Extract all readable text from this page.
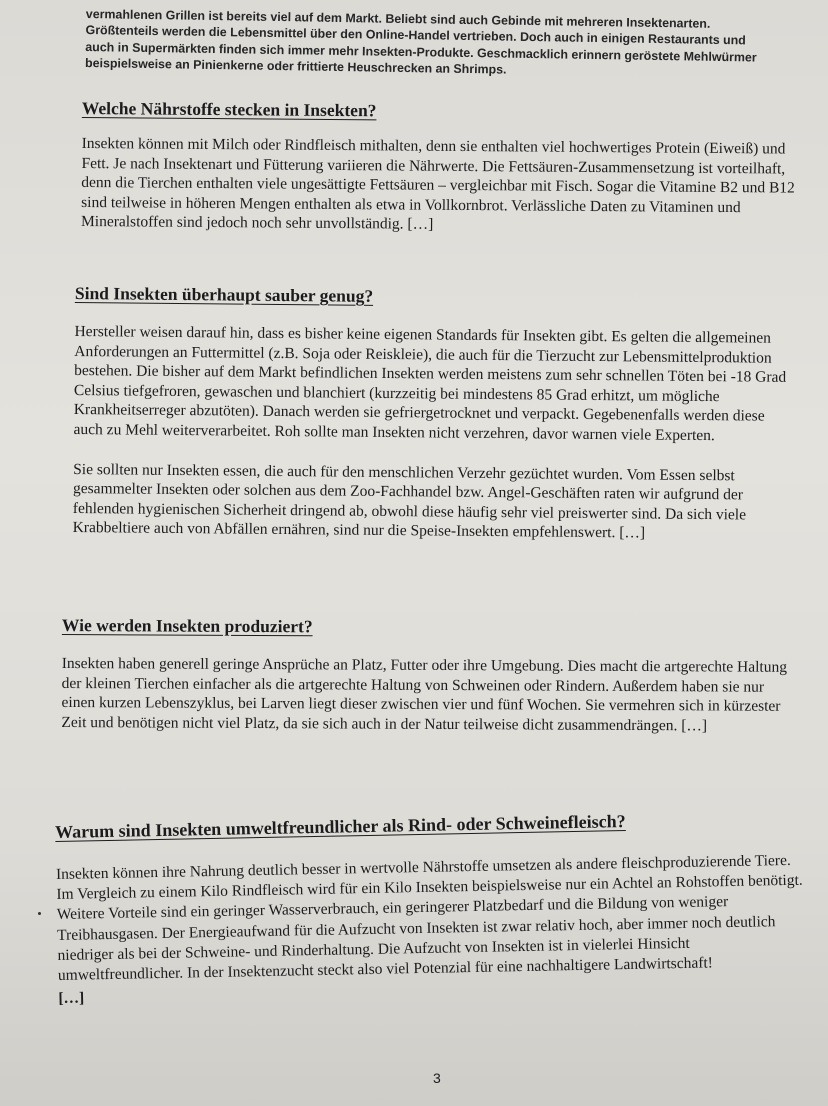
vermahlenen Grillen ist bereits viel auf dem Markt. Beliebt sind auch Gebinde mit mehreren Insektenarten. Größtenteils werden die Lebensmittel über den Online-Handel vertrieben. Doch auch in einigen Restaurants und auch in Supermärkten finden sich immer mehr Insekten-Produkte. Geschmacklich erinnern geröstete Mehlwürmer beispielsweise an Pinienkerne oder frittierte Heuschrecken an Shrimps.
Welche Nährstoffe stecken in Insekten?

Insekten können mit Milch oder Rindfleisch mithalten, denn sie enthalten viel hochwertiges Protein (Eiweiß) und Fett. Je nach Insektenart und Fütterung variieren die Nährwerte. Die Fettsäuren-Zusammensetzung ist vorteilhaft, denn die Tierchen enthalten viele ungesättigte Fettsäuren – vergleichbar mit Fisch. Sogar die Vitamine B2 und B12 sind teilweise in höheren Mengen enthalten als etwa in Vollkornbrot. Verlässliche Daten zu Vitaminen und Mineralstoffen sind jedoch noch sehr unvollständig. […]

Sind Insekten überhaupt sauber genug?

Hersteller weisen darauf hin, dass es bisher keine eigenen Standards für Insekten gibt. Es gelten die allgemeinen Anforderungen an Futtermittel (z.B. Soja oder Reiskleie), die auch für die Tierzucht zur Lebensmittelproduktion bestehen. Die bisher auf dem Markt befindlichen Insekten werden meistens zum sehr schnellen Töten bei -18 Grad Celsius tiefgefroren, gewaschen und blanchiert (kurzzeitig bei mindestens 85 Grad erhitzt, um mögliche Krankheitserreger abzutöten). Danach werden sie gefriergetrocknet und verpackt. Gegebenenfalls werden diese auch zu Mehl weiterverarbeitet. Roh sollte man Insekten nicht verzehren, davor warnen viele Experten.

Sie sollten nur Insekten essen, die auch für den menschlichen Verzehr gezüchtet wurden. Vom Essen selbst gesammelter Insekten oder solchen aus dem Zoo-Fachhandel bzw. Angel-Geschäften raten wir aufgrund der fehlenden hygienischen Sicherheit dringend ab, obwohl diese häufig sehr viel preiswerter sind. Da sich viele Krabbeltiere auch von Abfällen ernähren, sind nur die Speise-Insekten empfehlenswert. […]

Wie werden Insekten produziert?

Insekten haben generell geringe Ansprüche an Platz, Futter oder ihre Umgebung. Dies macht die artgerechte Haltung der kleinen Tierchen einfacher als die artgerechte Haltung von Schweinen oder Rindern. Außerdem haben sie nur einen kurzen Lebenszyklus, bei Larven liegt dieser zwischen vier und fünf Wochen. Sie vermehren sich in kürzester Zeit und benötigen nicht viel Platz, da sie sich auch in der Natur teilweise dicht zusammendrängen. […]

Warum sind Insekten umweltfreundlicher als Rind- oder Schweinefleisch?

Insekten können ihre Nahrung deutlich besser in wertvolle Nährstoffe umsetzen als andere fleischproduzierende Tiere. Im Vergleich zu einem Kilo Rindfleisch wird für ein Kilo Insekten beispielsweise nur ein Achtel an Rohstoffen benötigt. Weitere Vorteile sind ein geringer Wasserverbrauch, ein geringerer Platzbedarf und die Bildung von weniger Treibhausgasen. Der Energieaufwand für die Aufzucht von Insekten ist zwar relativ hoch, aber immer noch deutlich niedriger als bei der Schweine- und Rinderhaltung. Die Aufzucht von Insekten ist in vielerlei Hinsicht umweltfreundlicher. In der Insektenzucht steckt also viel Potenzial für eine nachhaltigere Landwirtschaft!
[…]

3
